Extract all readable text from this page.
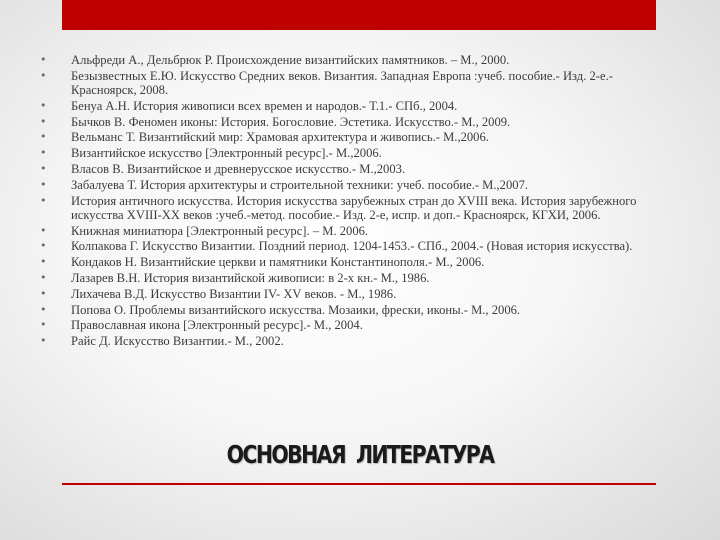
•	Альфреди А., Дельбрюк Р. Происхождение византийских памятников. – М., 2000.
•	Безызвестных Е.Ю. Искусство Средних веков. Византия. Западная Европа :учеб. пособие.- Изд. 2-е.- Красноярск, 2008.
•	Бенуа А.Н. История живописи всех времен и народов.- Т.1.- СПб., 2004.
•	Бычков В. Феномен иконы: История. Богословие. Эстетика. Искусство.- М., 2009.
•	Вельманс Т. Византийский мир: Храмовая архитектура и живопись.- М.,2006.
•	Византийское искусство [Электронный ресурс].- М.,2006.
•	Власов В. Византийское и древнерусское искусство.- М.,2003.
•	Забалуева Т. История архитектуры и строительной техники: учеб. пособие.- М.,2007.
•	История античного искусства. История искусства зарубежных стран до XVIII века. История зарубежного искусства XVIII-XX веков :учеб.-метод. пособие.- Изд. 2-е, испр. и доп.- Красноярск, КГХИ, 2006.
•	Книжная миниатюра [Электронный ресурс]. – М. 2006.
•	Колпакова Г. Искусство Византии. Поздний период. 1204-1453.- СПб., 2004.- (Новая история искусства).
•	Кондаков Н. Византийские церкви и памятники Константинополя.- М., 2006.
•	Лазарев В.Н. История византийской живописи: в 2-х кн.- М., 1986.
•	Лихачева В.Д. Искусство Византии IV- XV веков. - М., 1986.
•	Попова О. Проблемы византийского искусства. Мозаики, фрески, иконы.- М., 2006.
•	Православная икона [Электронный ресурс].- М., 2004.
•	Райс Д. Искусство Византии.- М., 2002.
ОСНОВНАЯ  ЛИТЕРАТУРА
